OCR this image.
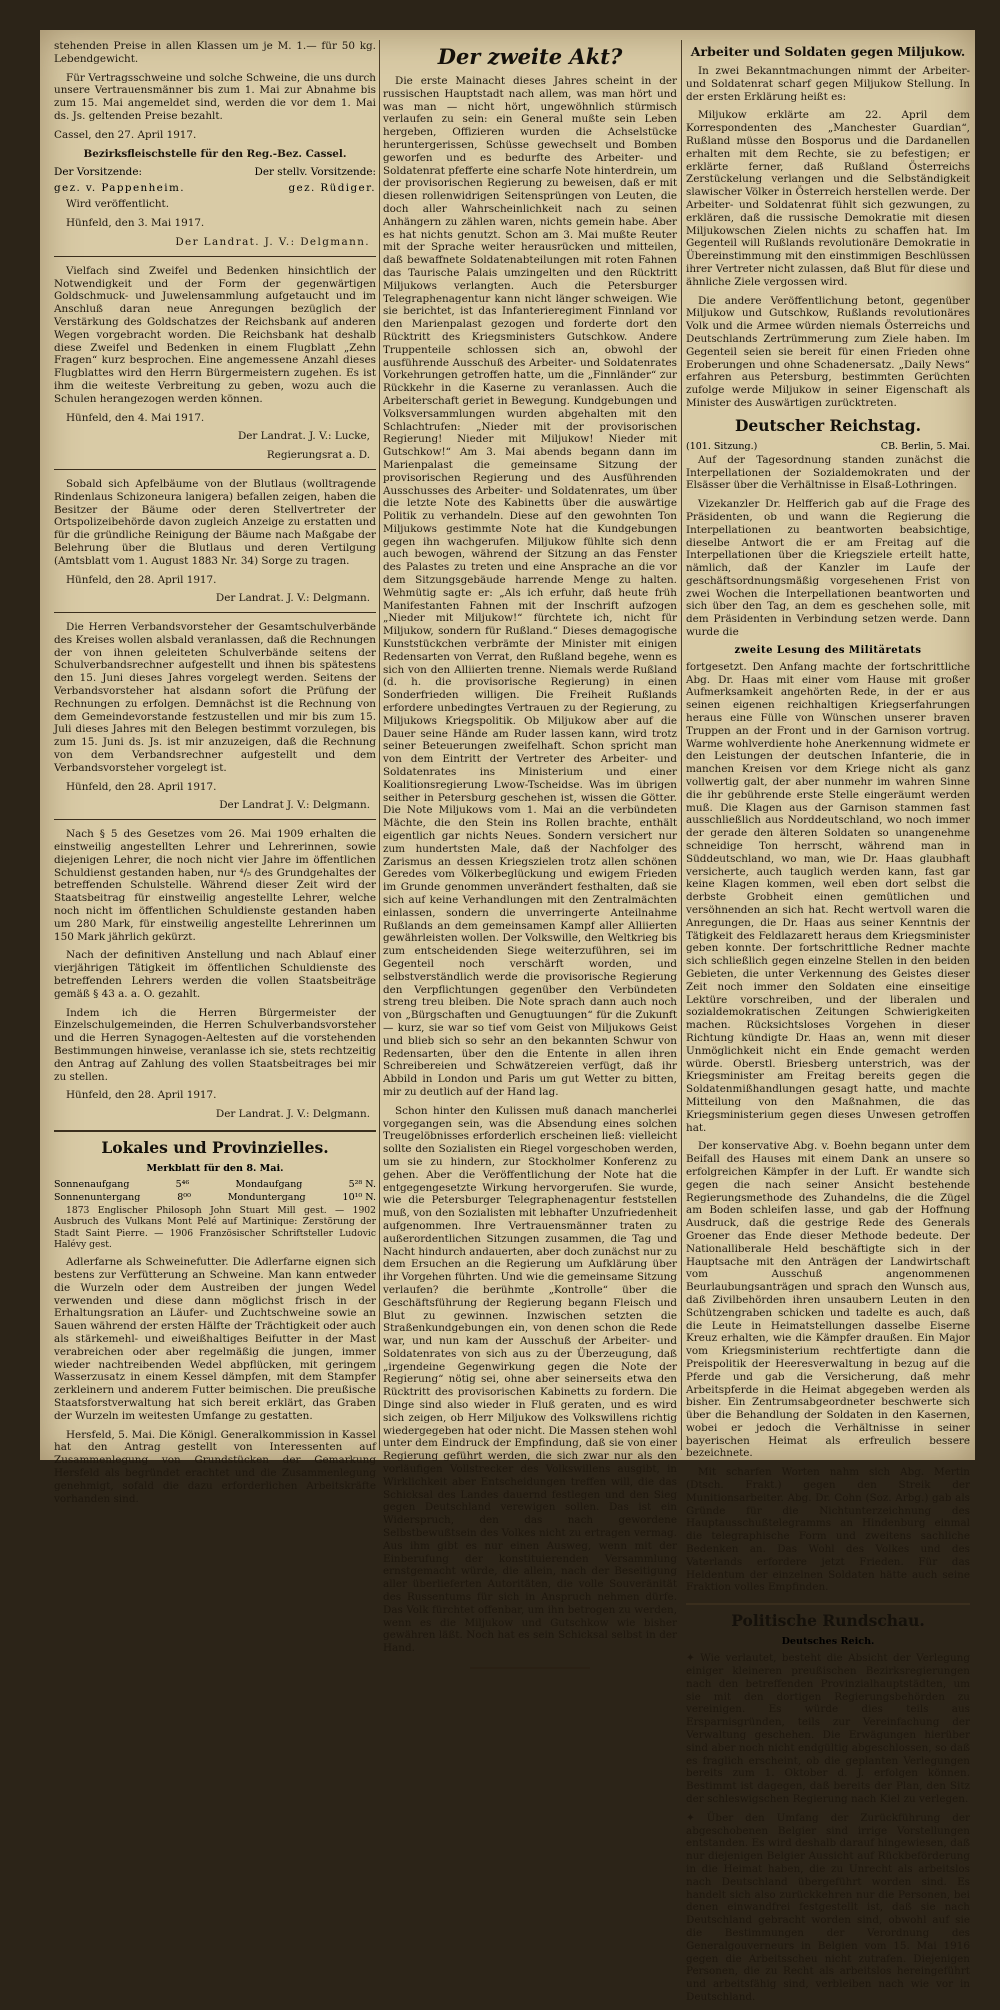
stehenden Preise in allen Klassen um je M. 1.— für 50 kg. Lebendgewicht.

Für Vertragsschweine und solche Schweine, die uns durch unsere Vertrauensmänner bis zum 1. Mai zur Abnahme bis zum 15. Mai angemeldet sind, werden die vor dem 1. Mai ds. Js. geltenden Preise bezahlt.

Cassel, den 27. April 1917.

Bezirksfleischstelle für den Reg.-Bez. Cassel.

Der Vorsitzende:	Der stellv. Vorsitzende:
gez. v. Pappenheim.	gez. Rüdiger.

Wird veröffentlicht.

Hünfeld, den 3. Mai 1917.

Der Landrat. J. V.: Delgmann.

Vielfach sind Zweifel und Bedenken hinsichtlich der Notwendigkeit und der Form der gegenwärtigen Goldschmuck- und Juwelensammlung aufgetaucht und im Anschluß daran neue Anregungen bezüglich der Verstärkung des Goldschatzes der Reichsbank auf anderen Wegen vorgebracht worden. Die Reichsbank hat deshalb diese Zweifel und Bedenken in einem Flugblatt „Zehn Fragen“ kurz besprochen. Eine angemessene Anzahl dieses Flugblattes wird den Herrn Bürgermeistern zugehen. Es ist ihm die weiteste Verbreitung zu geben, wozu auch die Schulen herangezogen werden können.

Hünfeld, den 4. Mai 1917.

Der Landrat. J. V.: Lucke,

Regierungsrat a. D.

Sobald sich Apfelbäume von der Blutlaus (wolltragende Rindenlaus Schizoneura lanigera) befallen zeigen, haben die Besitzer der Bäume oder deren Stellvertreter der Ortspolizeibehörde davon zugleich Anzeige zu erstatten und für die gründliche Reinigung der Bäume nach Maßgabe der Belehrung über die Blutlaus und deren Vertilgung (Amtsblatt vom 1. August 1883 Nr. 34) Sorge zu tragen.

Hünfeld, den 28. April 1917.

Der Landrat. J. V.: Delgmann.

Die Herren Verbandsvorsteher der Gesamtschulverbände des Kreises wollen alsbald veranlassen, daß die Rechnungen der von ihnen geleiteten Schulverbände seitens der Schulverbandsrechner aufgestellt und ihnen bis spätestens den 15. Juni dieses Jahres vorgelegt werden. Seitens der Verbandsvorsteher hat alsdann sofort die Prüfung der Rechnungen zu erfolgen. Demnächst ist die Rechnung von dem Gemeindevorstande festzustellen und mir bis zum 15. Juli dieses Jahres mit den Belegen bestimmt vorzulegen, bis zum 15. Juni ds. Js. ist mir anzuzeigen, daß die Rechnung von dem Verbandsrechner aufgestellt und dem Verbandsvorsteher vorgelegt ist.

Hünfeld, den 28. April 1917.

Der Landrat J. V.: Delgmann.

Nach § 5 des Gesetzes vom 26. Mai 1909 erhalten die einstweilig angestellten Lehrer und Lehrerinnen, sowie diejenigen Lehrer, die noch nicht vier Jahre im öffentlichen Schuldienst gestanden haben, nur ⁴/₅ des Grundgehaltes der betreffenden Schulstelle. Während dieser Zeit wird der Staatsbeitrag für einstweilig angestellte Lehrer, welche noch nicht im öffentlichen Schuldienste gestanden haben um 280 Mark, für einstweilig angestellte Lehrerinnen um 150 Mark jährlich gekürzt.

Nach der definitiven Anstellung und nach Ablauf einer vierjährigen Tätigkeit im öffentlichen Schuldienste des betreffenden Lehrers werden die vollen Staatsbeiträge gemäß § 43 a. a. O. gezahlt.

Indem ich die Herren Bürgermeister der Einzelschulgemeinden, die Herren Schulverbandsvorsteher und die Herren Synagogen-Aeltesten auf die vorstehenden Bestimmungen hinweise, veranlasse ich sie, stets rechtzeitig den Antrag auf Zahlung des vollen Staatsbeitrages bei mir zu stellen.

Hünfeld, den 28. April 1917.

Der Landrat. J. V.: Delgmann.

Lokales und Provinzielles.
Merkblatt für den 8. Mai.
Sonnenaufgang	5⁴⁶	Mondaufgang	5²⁸ N.
Sonnenuntergang	8⁰⁰	Monduntergang	10¹⁰ N.

1873 Englischer Philosoph John Stuart Mill gest. — 1902 Ausbruch des Vulkans Mont Pelé auf Martinique: Zerstörung der Stadt Saint Pierre. — 1906 Französischer Schriftsteller Ludovic Halévy gest.

Adlerfarne als Schweinefutter. Die Adlerfarne eignen sich bestens zur Verfütterung an Schweine. Man kann entweder die Wurzeln oder dem Austreiben der jungen Wedel verwenden und diese dann möglichst frisch in der Erhaltungsration an Läufer- und Zuchtschweine sowie an Sauen während der ersten Hälfte der Trächtigkeit oder auch als stärkemehl- und eiweißhaltiges Beifutter in der Mast verabreichen oder aber regelmäßig die jungen, immer wieder nachtreibenden Wedel abpflücken, mit geringem Wasserzusatz in einem Kessel dämpfen, mit dem Stampfer zerkleinern und anderem Futter beimischen. Die preußische Staatsforstverwaltung hat sich bereit erklärt, das Graben der Wurzeln im weitesten Umfange zu gestatten.

Hersfeld, 5. Mai. Die Königl. Generalkommission in Kassel hat den Antrag gestellt von Interessenten auf Zusammenlegung von Grundstücken der Gemarkung Hersfeld als begründet erachtet und die Zusammenlegung genehmigt, sofald die dazu erforderlichen Arbeitskräfte vorhanden sind.

Der zweite Akt?

Die erste Mainacht dieses Jahres scheint in der russischen Hauptstadt nach allem, was man hört und was man — nicht hört, ungewöhnlich stürmisch verlaufen zu sein: ein General mußte sein Leben hergeben, Offizieren wurden die Achselstücke heruntergerissen, Schüsse gewechselt und Bomben geworfen und es bedurfte des Arbeiter- und Soldatenrat pfefferte eine scharfe Note hinterdrein, um der provisorischen Regierung zu beweisen, daß er mit diesen rollenwidrigen Seitensprüngen von Leuten, die doch aller Wahrscheinlichkeit nach zu seinen Anhängern zu zählen waren, nichts gemein habe. Aber es hat nichts genutzt. Schon am 3. Mai mußte Reuter mit der Sprache weiter herausrücken und mitteilen, daß bewaffnete Soldatenabteilungen mit roten Fahnen das Taurische Palais umzingelten und den Rücktritt Miljukows verlangten. Auch die Petersburger Telegraphenagentur kann nicht länger schweigen. Wie sie berichtet, ist das Infanterieregiment Finnland vor den Marienpalast gezogen und forderte dort den Rücktritt des Kriegsministers Gutschkow. Andere Truppenteile schlossen sich an, obwohl der ausführende Ausschuß des Arbeiter- und Soldatenrates Vorkehrungen getroffen hatte, um die „Finnländer“ zur Rückkehr in die Kaserne zu veranlassen. Auch die Arbeiterschaft geriet in Bewegung. Kundgebungen und Volksversammlungen wurden abgehalten mit den Schlachtrufen: „Nieder mit der provisorischen Regierung! Nieder mit Miljukow! Nieder mit Gutschkow!“ Am 3. Mai abends begann dann im Marienpalast die gemeinsame Sitzung der provisorischen Regierung und des Ausführenden Ausschusses des Arbeiter- und Soldatenrates, um über die letzte Note des Kabinetts über die auswärtige Politik zu verhandeln. Diese auf den gewohnten Ton Miljukows gestimmte Note hat die Kundgebungen gegen ihn wachgerufen. Miljukow fühlte sich denn auch bewogen, während der Sitzung an das Fenster des Palastes zu treten und eine Ansprache an die vor dem Sitzungsgebäude harrende Menge zu halten. Wehmütig sagte er: „Als ich erfuhr, daß heute früh Manifestanten Fahnen mit der Inschrift aufzogen „Nieder mit Miljukow!“ fürchtete ich, nicht für Miljukow, sondern für Rußland.“ Dieses demagogische Kunststückchen verbrämte der Minister mit einigen Redensarten von Verrat, den Rußland begehe, wenn es sich von den Alliierten trenne. Niemals werde Rußland (d. h. die provisorische Regierung) in einen Sonderfrieden willigen. Die Freiheit Rußlands erfordere unbedingtes Vertrauen zu der Regierung, zu Miljukows Kriegspolitik. Ob Miljukow aber auf die Dauer seine Hände am Ruder lassen kann, wird trotz seiner Beteuerungen zweifelhaft. Schon spricht man von dem Eintritt der Vertreter des Arbeiter- und Soldatenrates ins Ministerium und einer Koalitionsregierung Lwow-Tscheidse. Was im übrigen seither in Petersburg geschehen ist, wissen die Götter. Die Note Miljukows vom 1. Mai an die verbündeten Mächte, die den Stein ins Rollen brachte, enthält eigentlich gar nichts Neues. Sondern versichert nur zum hundertsten Male, daß der Nachfolger des Zarismus an dessen Kriegszielen trotz allen schönen Geredes vom Völkerbeglückung und ewigem Frieden im Grunde genommen unverändert festhalten, daß sie sich auf keine Verhandlungen mit den Zentralmächten einlassen, sondern die unverringerte Anteilnahme Rußlands an dem gemeinsamen Kampf aller Alliierten gewährleisten wollen. Der Volkswille, den Weltkrieg bis zum entscheidenden Siege weiterzuführen, sei im Gegenteil noch verschärft worden, und selbstverständlich werde die provisorische Regierung den Verpflichtungen gegenüber den Verbündeten streng treu bleiben. Die Note sprach dann auch noch von „Bürgschaften und Genugtuungen“ für die Zukunft — kurz, sie war so tief vom Geist von Miljukows Geist und blieb sich so sehr an den bekannten Schwur von Redensarten, über den die Entente in allen ihren Schreibereien und Schwätzereien verfügt, daß ihr Abbild in London und Paris um gut Wetter zu bitten, mir zu deutlich auf der Hand lag.

Schon hinter den Kulissen muß danach mancherlei vorgegangen sein, was die Absendung eines solchen Treugelöbnisses erforderlich erscheinen ließ: vielleicht sollte den Sozialisten ein Riegel vorgeschoben werden, um sie zu hindern, zur Stockholmer Konferenz zu gehen. Aber die Veröffentlichung der Note hat die entgegengesetzte Wirkung hervorgerufen. Sie wurde, wie die Petersburger Telegraphenagentur feststellen muß, von den Sozialisten mit lebhafter Unzufriedenheit aufgenommen. Ihre Vertrauensmänner traten zu außerordentlichen Sitzungen zusammen, die Tag und Nacht hindurch andauerten, aber doch zunächst nur zu dem Ersuchen an die Regierung um Aufklärung über ihr Vorgehen führten. Und wie die gemeinsame Sitzung verlaufen? die berühmte „Kontrolle“ über die Geschäftsführung der Regierung begann Fleisch und Blut zu gewinnen. Inzwischen setzten die Straßenkundgebungen ein, von denen schon die Rede war, und nun kam der Ausschuß der Arbeiter- und Soldatenrates von sich aus zu der Überzeugung, daß „irgendeine Gegenwirkung gegen die Note der Regierung“ nötig sei, ohne aber seinerseits etwa den Rücktritt des provisorischen Kabinetts zu fordern. Die Dinge sind also wieder in Fluß geraten, und es wird sich zeigen, ob Herr Miljukow des Volkswillens richtig wiedergegeben hat oder nicht. Die Massen stehen wohl unter dem Eindruck der Empfindung, daß sie von einer Regierung geführt werden, die sich zwar nur als den vorläufigen Vollstrecker des Volkswillens ausgibt, in Wirklichkeit aber Entscheidungen treffen will, die das Schicksal des Landes dauernd festlegen und den Sieg gegen Deutschland verewigen sollen. Das ist ein Widerspruch, den das nach gewordene Selbstbewußtsein des Volkes nicht zu ertragen vermag. Aus ihm gibt es nur einen Ausweg, wenn mit der Einberufung der konstituierenden Versammlung ernstgemacht würde, die allein, nach der Beseitigung aller überlieferten Autoritäten, die volle Souveränität des Russentums für sich in Anspruch nehmen dürfe. Das Volk fürchtet offenbar, um ihn betrogen zu werden, wenn es die Miljukow und Gutschkow wie bisher gewähren läßt. Noch hat es sein Schicksal selbst in der Hand.

Arbeiter und Soldaten gegen Miljukow.

In zwei Bekanntmachungen nimmt der Arbeiter- und Soldatenrat scharf gegen Miljukow Stellung. In der ersten Erklärung heißt es:

Miljukow erklärte am 22. April dem Korrespondenten des „Manchester Guardian“, Rußland müsse den Bosporus und die Dardanellen erhalten mit dem Rechte, sie zu befestigen; er erklärte ferner, daß Rußland Österreichs Zerstückelung verlangen und die Selbständigkeit slawischer Völker in Österreich herstellen werde. Der Arbeiter- und Soldatenrat fühlt sich gezwungen, zu erklären, daß die russische Demokratie mit diesen Miljukowschen Zielen nichts zu schaffen hat. Im Gegenteil will Rußlands revolutionäre Demokratie in Übereinstimmung mit den einstimmigen Beschlüssen ihrer Vertreter nicht zulassen, daß Blut für diese und ähnliche Ziele vergossen wird.

Die andere Veröffentlichung betont, gegenüber Miljukow und Gutschkow, Rußlands revolutionäres Volk und die Armee würden niemals Österreichs und Deutschlands Zertrümmerung zum Ziele haben. Im Gegenteil seien sie bereit für einen Frieden ohne Eroberungen und ohne Schadenersatz. „Daily News“ erfahren aus Petersburg, bestimmten Gerüchten zufolge werde Miljukow in seiner Eigenschaft als Minister des Auswärtigen zurücktreten.

Deutscher Reichstag.
(101. Sitzung.)	CB. Berlin, 5. Mai.

Auf der Tagesordnung standen zunächst die Interpellationen der Sozialdemokraten und der Elsässer über die Verhältnisse in Elsaß-Lothringen.

Vizekanzler Dr. Helfferich gab auf die Frage des Präsidenten, ob und wann die Regierung die Interpellationen zu beantworten beabsichtige, dieselbe Antwort die er am Freitag auf die Interpellationen über die Kriegsziele erteilt hatte, nämlich, daß der Kanzler im Laufe der geschäftsordnungsmäßig vorgesehenen Frist von zwei Wochen die Interpellationen beantworten und sich über den Tag, an dem es geschehen solle, mit dem Präsidenten in Verbindung setzen werde. Dann wurde die

zweite Lesung des Militäretats

fortgesetzt. Den Anfang machte der fortschrittliche Abg. Dr. Haas mit einer vom Hause mit großer Aufmerksamkeit angehörten Rede, in der er aus seinen eigenen reichhaltigen Kriegserfahrungen heraus eine Fülle von Wünschen unserer braven Truppen an der Front und in der Garnison vortrug. Warme wohlverdiente hohe Anerkennung widmete er den Leistungen der deutschen Infanterie, die in manchen Kreisen vor dem Kriege nicht als ganz vollwertig galt, der aber nunmehr im wahren Sinne die ihr gebührende erste Stelle eingeräumt werden muß. Die Klagen aus der Garnison stammen fast ausschließlich aus Norddeutschland, wo noch immer der gerade den älteren Soldaten so unangenehme schneidige Ton herrscht, während man in Süddeutschland, wo man, wie Dr. Haas glaubhaft versicherte, auch tauglich werden kann, fast gar keine Klagen kommen, weil eben dort selbst die derbste Grobheit einen gemütlichen und versöhnenden an sich hat. Recht wertvoll waren die Anregungen, die Dr. Haas aus seiner Kenntnis der Tätigkeit des Feldlazarett heraus dem Kriegsminister geben konnte. Der fortschrittliche Redner machte sich schließlich gegen einzelne Stellen in den beiden Gebieten, die unter Verkennung des Geistes dieser Zeit noch immer den Soldaten eine einseitige Lektüre vorschreiben, und der liberalen und sozialdemokratischen Zeitungen Schwierigkeiten machen. Rücksichtsloses Vorgehen in dieser Richtung kündigte Dr. Haas an, wenn mit dieser Unmöglichkeit nicht ein Ende gemacht werden würde. Oberstl. Briesberg unterstrich, was der Kriegsminister am Freitag bereits gegen die Soldatenmißhandlungen gesagt hatte, und machte Mitteilung von den Maßnahmen, die das Kriegsministerium gegen dieses Unwesen getroffen hat.

Der konservative Abg. v. Boehn begann unter dem Beifall des Hauses mit einem Dank an unsere so erfolgreichen Kämpfer in der Luft. Er wandte sich gegen die nach seiner Ansicht bestehende Regierungsmethode des Zuhandelns, die die Zügel am Boden schleifen lasse, und gab der Hoffnung Ausdruck, daß die gestrige Rede des Generals Groener das Ende dieser Methode bedeute. Der Nationalliberale Held beschäftigte sich in der Hauptsache mit den Anträgen der Landwirtschaft vom Ausschuß angenommenen Beurlaubungsanträgen und sprach den Wunsch aus, daß Zivilbehörden ihren unsaubern Leuten in den Schützengraben schicken und tadelte es auch, daß die Leute in Heimatstellungen dasselbe Eiserne Kreuz erhalten, wie die Kämpfer draußen. Ein Major vom Kriegsministerium rechtfertigte dann die Preispolitik der Heeresverwaltung in bezug auf die Pferde und gab die Versicherung, daß mehr Arbeitspferde in die Heimat abgegeben werden als bisher. Ein Zentrumsabgeordneter beschwerte sich über die Behandlung der Soldaten in den Kasernen, wobei er jedoch die Verhältnisse in seiner bayerischen Heimat als erfreulich bessere bezeichnete.

Mit scharfen Worten nahm sich Abg. Mertin (Dtsch. Frakt.) gegen den Streik der Munitionsarbeiter. Abg. Dr. Cohn (Soz. Arbg.) gab als Gründe für die Nichtunterzeichnung des Hauptausschußtelegramms an Hindenburg einmal die telegraphische Form und zweitens sachliche Bedenken an. Das Wohl des Volkes und des Vaterlands erfordere jetzt Frieden. Für das Heldentum der einzelnen Soldaten hätte auch seine Fraktion volles Empfinden.

Politische Rundschau.
Deutsches Reich.

✦ Wie verlautet, besteht die Absicht der Verlegung einiger kleineren preußischen Bezirksregierungen nach den betreffenden Provinzialhauptstädten, um sie mit den dortigen Regierungsbehörden zu vereinigen. Es würde dies teils aus Ersparnisgründen, teils zur Vereinfachung der Verwaltung geschehen. Die Erwägungen hierüber sind aber noch nicht endgültig abgeschlossen, so daß es fraglich erscheint, ob die geplanten Verlegungen bereits zum 1. Oktober d. J. erfolgen können. Bestimmt ist dagegen, daß bereits der Plan, den Sitz der schleswigschen Regierung nach Kiel zu verlegen.

✦ Über den Umfang der Zurückführung der abgeschobenen Belgier sind irrige Vorstellungen entstanden. Es wird deshalb darauf hingewiesen, daß nur diejenigen Belgier Aussicht auf Rückbeförderung in die Heimat haben, die zu Unrecht als arbeitslos nach Deutschland übergeführt worden sind. Es handelt sich also zurückkehren nur die Personen, bei denen einwandfrei festgestellt ist, daß sie nach Deutschland gebracht worden sind, obwohl auf sie die Bestimmungen der Verordnung des Generalgouverneurs in Belgien vom 15. Mai 1916 gegen die Arbeitsscheu nicht zutrafen. Diejenigen Personen, die zu Recht als arbeitslos hereingeführt und arbeitsfähig sind, verbleiben nach wie vor in Deutschland.
